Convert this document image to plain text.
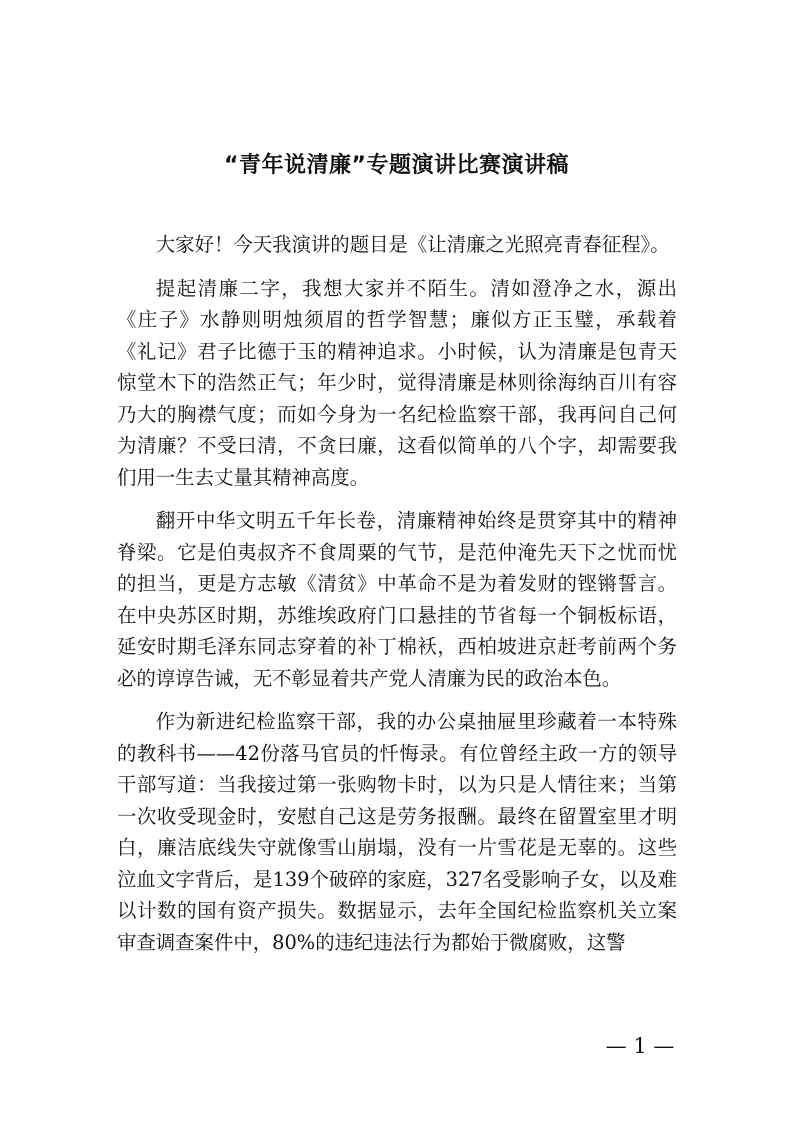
“青年说清廉”专题演讲比赛演讲稿

大家好！今天我演讲的题目是《让清廉之光照亮青春征程》。

提起清廉二字，我想大家并不陌生。清如澄净之水，源出《庄子》水静则明烛须眉的哲学智慧；廉似方正玉璧，承载着《礼记》君子比德于玉的精神追求。小时候，认为清廉是包青天惊堂木下的浩然正气；年少时，觉得清廉是林则徐海纳百川有容乃大的胸襟气度；而如今身为一名纪检监察干部，我再问自己何为清廉？不受曰清，不贪曰廉，这看似简单的八个字，却需要我们用一生去丈量其精神高度。

翻开中华文明五千年长卷，清廉精神始终是贯穿其中的精神脊梁。它是伯夷叔齐不食周粟的气节，是范仲淹先天下之忧而忧的担当，更是方志敏《清贫》中革命不是为着发财的铿锵誓言。在中央苏区时期，苏维埃政府门口悬挂的节省每一个铜板标语，延安时期毛泽东同志穿着的补丁棉袄，西柏坡进京赶考前两个务必的谆谆告诫，无不彰显着共产党人清廉为民的政治本色。

作为新进纪检监察干部，我的办公桌抽屉里珍藏着一本特殊的教科书——42份落马官员的忏悔录。有位曾经主政一方的领导干部写道：当我接过第一张购物卡时，以为只是人情往来；当第一次收受现金时，安慰自己这是劳务报酬。最终在留置室里才明白，廉洁底线失守就像雪山崩塌，没有一片雪花是无辜的。这些泣血文字背后，是139个破碎的家庭，327名受影响子女，以及难以计数的国有资产损失。数据显示，去年全国纪检监察机关立案审查调查案件中，80%的违纪违法行为都始于微腐败，这警

— 1 —
